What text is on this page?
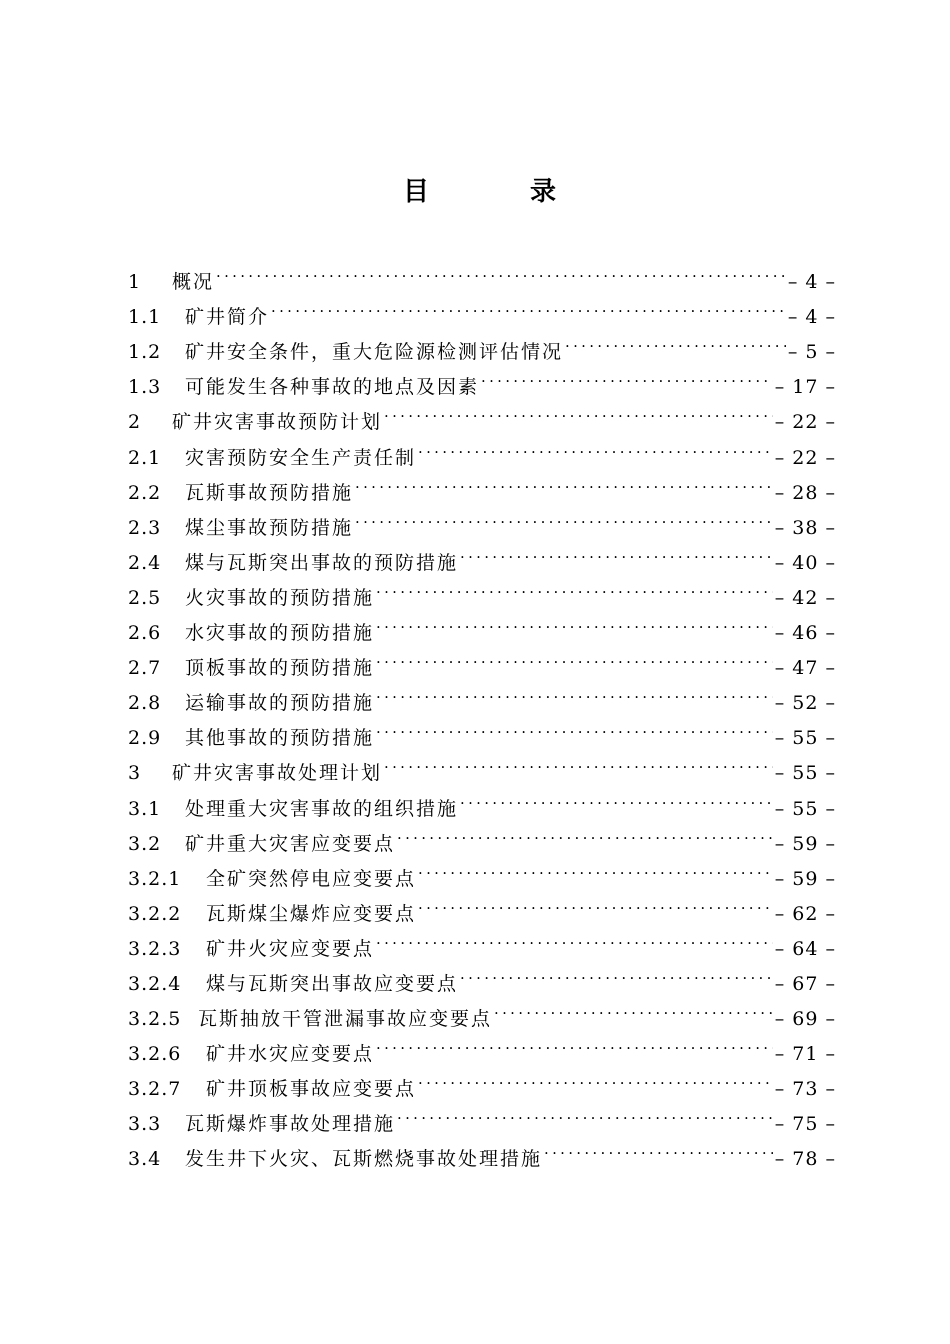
目	录
1	概况 .....	– 4 –
1.1	矿井简介 .....	– 4 –
1.2	矿井安全条件，重大危险源检测评估情况 .....	– 5 –
1.3	可能发生各种事故的地点及因素 .....	– 17 –
2	矿井灾害事故预防计划 .....	– 22 –
2.1	灾害预防安全生产责任制 .....	– 22 –
2.2	瓦斯事故预防措施 .....	– 28 –
2.3	煤尘事故预防措施 .....	– 38 –
2.4	煤与瓦斯突出事故的预防措施 .....	– 40 –
2.5	火灾事故的预防措施 .....	– 42 –
2.6	水灾事故的预防措施 .....	– 46 –
2.7	顶板事故的预防措施 .....	– 47 –
2.8	运输事故的预防措施 .....	– 52 –
2.9	其他事故的预防措施 .....	– 55 –
3	矿井灾害事故处理计划 .....	– 55 –
3.1	处理重大灾害事故的组织措施 .....	– 55 –
3.2	矿井重大灾害应变要点 .....	– 59 –
3.2.1	全矿突然停电应变要点 .....	– 59 –
3.2.2	瓦斯煤尘爆炸应变要点 .....	– 62 –
3.2.3	矿井火灾应变要点 .....	– 64 –
3.2.4	煤与瓦斯突出事故应变要点 .....	– 67 –
3.2.5 瓦斯抽放干管泄漏事故应变要点 .....	– 69 –
3.2.6	矿井水灾应变要点 .....	– 71 –
3.2.7	矿井顶板事故应变要点 .....	– 73 –
3.3	瓦斯爆炸事故处理措施 .....	– 75 –
3.4	发生井下火灾、瓦斯燃烧事故处理措施 .....	– 78 –
